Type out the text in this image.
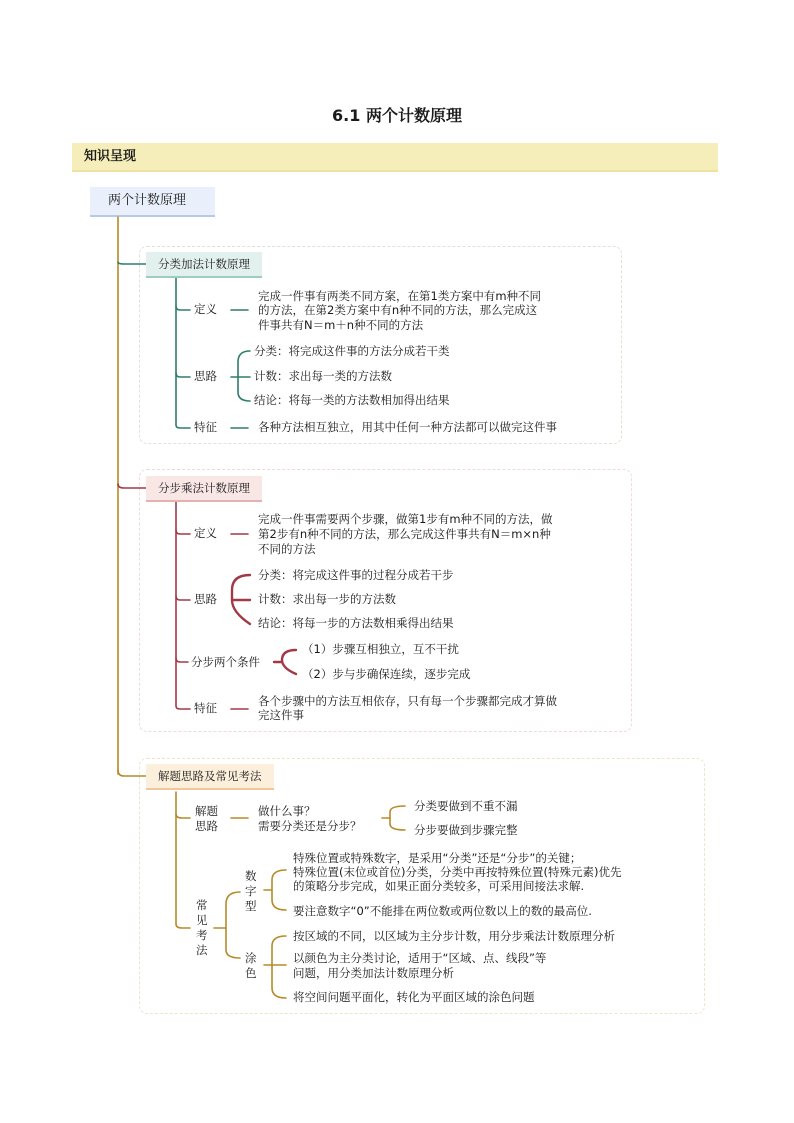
6.1 两个计数原理
知识呈现
两个计数原理
分类加法计数原理
定义
完成一件事有两类不同方案，在第1类方案中有m种不同
的方法，在第2类方案中有n种不同的方法，那么完成这
件事共有N＝m＋n种不同的方法
思路
分类：将完成这件事的方法分成若干类
计数：求出每一类的方法数
结论：将每一类的方法数相加得出结果
特征	各种方法相互独立，用其中任何一种方法都可以做完这件事
分步乘法计数原理
定义
完成一件事需要两个步骤，做第1步有m种不同的方法，做
第2步有n种不同的方法，那么完成这件事共有N＝m×n种
不同的方法
思路
分类：将完成这件事的过程分成若干步
计数：求出每一步的方法数
结论：将每一步的方法数相乘得出结果
分步两个条件
（1）步骤互相独立，互不干扰
（2）步与步确保连续，逐步完成
特征	各个步骤中的方法互相依存，只有每一个步骤都完成才算做
完这件事
解题思路及常见考法
解题
思路
做什么事？
需要分类还是分步？
分类要做到不重不漏
分步要做到步骤完整
常
见
考
法
数
字
型
特殊位置或特殊数字，是采用“分类”还是“分步”的关键；
特殊位置(末位或首位)分类，分类中再按特殊位置(特殊元素)优先
的策略分步完成，如果正面分类较多，可采用间接法求解.
要注意数字“0”不能排在两位数或两位数以上的数的最高位.
涂
色
按区域的不同，以区域为主分步计数，用分步乘法计数原理分析
以颜色为主分类讨论，适用于“区域、点、线段”等
问题，用分类加法计数原理分析
将空间问题平面化，转化为平面区域的涂色问题
